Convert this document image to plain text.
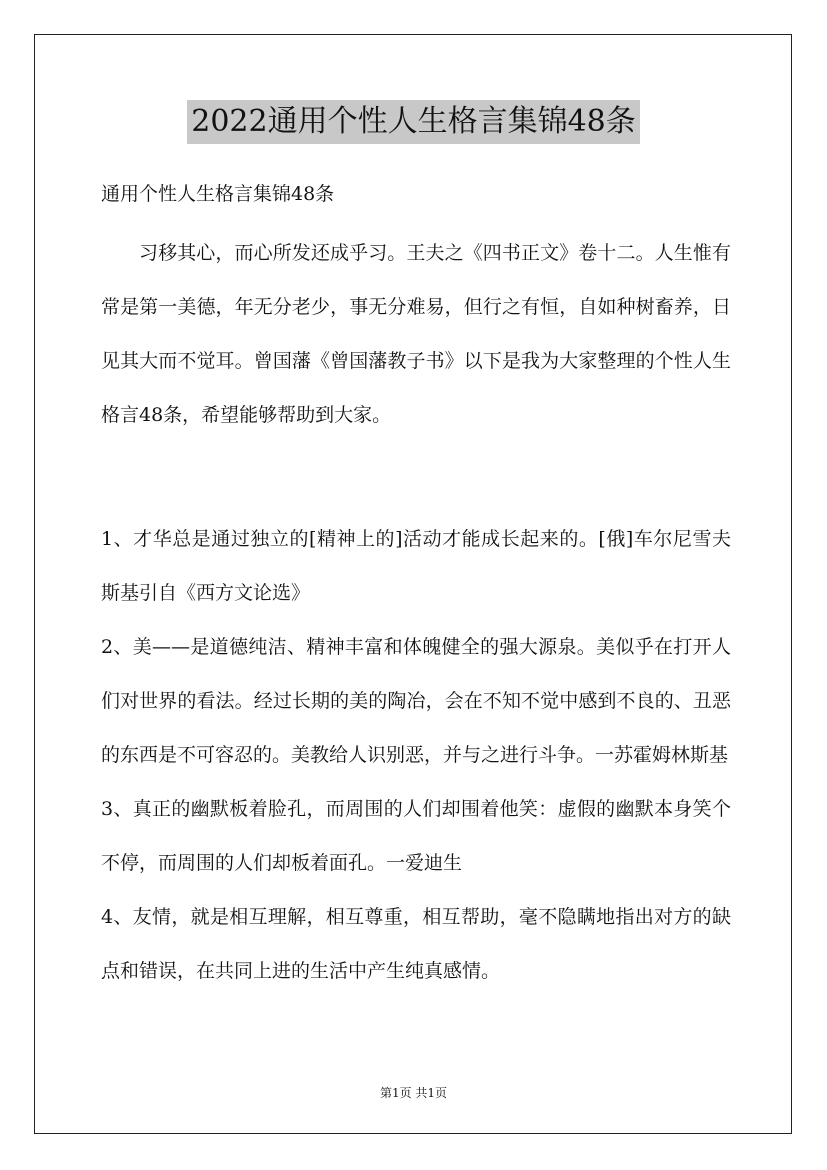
2022通用个性人生格言集锦48条

通用个性人生格言集锦48条

习移其心，而心所发还成乎习。王夫之《四书正文》卷十二。人生惟有常是第一美德，年无分老少，事无分难易，但行之有恒，自如种树畜养，日见其大而不觉耳。曾国藩《曾国藩教子书》以下是我为大家整理的个性人生格言48条，希望能够帮助到大家。

1、才华总是通过独立的[精神上的]活动才能成长起来的。[俄]车尔尼雪夫斯基引自《西方文论选》

2、美——是道德纯洁、精神丰富和体魄健全的强大源泉。美似乎在打开人们对世界的看法。经过长期的美的陶冶，会在不知不觉中感到不良的、丑恶的东西是不可容忍的。美教给人识别恶，并与之进行斗争。一苏霍姆林斯基

3、真正的幽默板着脸孔，而周围的人们却围着他笑：虚假的幽默本身笑个不停，而周围的人们却板着面孔。一爱迪生

4、友情，就是相互理解，相互尊重，相互帮助，毫不隐瞒地指出对方的缺点和错误，在共同上进的生活中产生纯真感情。

第1页 共1页
